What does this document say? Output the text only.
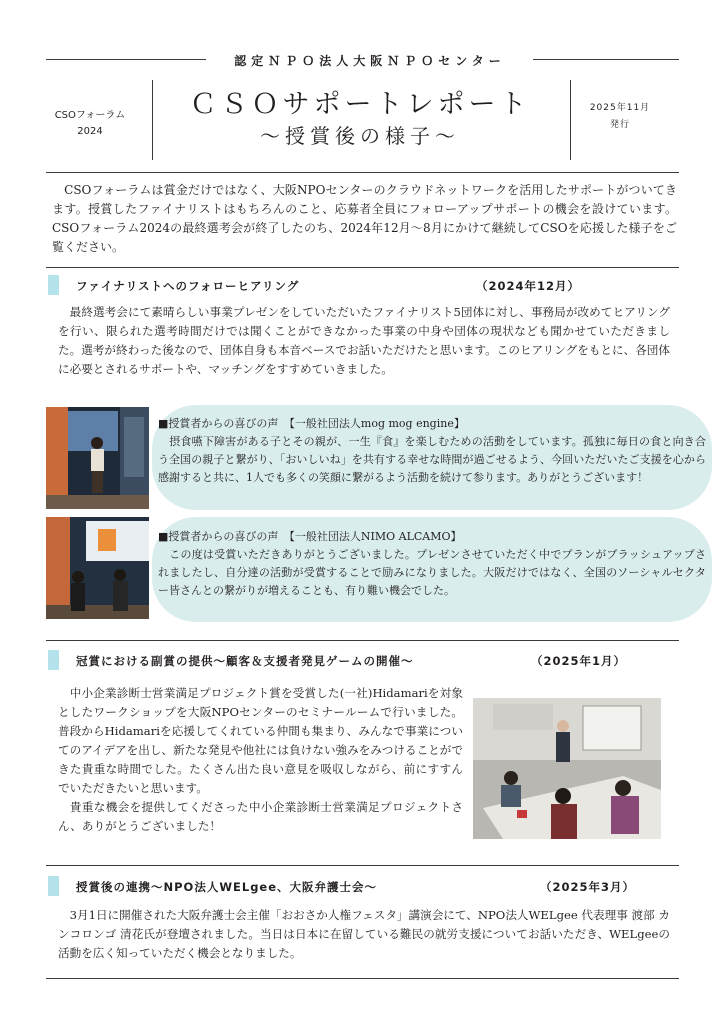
認定ＮＰＯ法人大阪ＮＰＯセンター
CSOフォーラム
2024
ＣＳＯサポートレポート
～授賞後の様子～
2025年11月
発行

　CSOフォーラムは賞金だけではなく、大阪NPOセンターのクラウドネットワークを活用したサポートがついてきます。授賞したファイナリストはもちろんのこと、応募者全員にフォローアップサポートの機会を設けています。CSOフォーラム2024の最終選考会が終了したのち、2024年12月～8月にかけて継続してCSOを応援した様子をご覧ください。

ファイナリストへのフォローヒアリング	（2024年12月）

　最終選考会にて素晴らしい事業プレゼンをしていただいたファイナリスト5団体に対し、事務局が改めてヒアリングを行い、限られた選考時間だけでは聞くことができなかった事業の中身や団体の現状なども聞かせていただきました。選考が終わった後なので、団体自身も本音ベースでお話いただけたと思います。このヒアリングをもとに、各団体に必要とされるサポートや、マッチングをすすめていきました。

■授賞者からの喜びの声　【一般社団法人mog mog engine】

　摂食嚥下障害がある子とその親が、一生『食』を楽しむための活動をしています。孤独に毎日の食と向き合う全国の親子と繋がり、「おいしいね」を共有する幸せな時間が過ごせるよう、今回いただいたご支援を心から感謝すると共に、1人でも多くの笑顔に繋がるよう活動を続けて参ります。ありがとうございます！

■授賞者からの喜びの声　【一般社団法人NIMO ALCAMO】

　この度は受賞いただきありがとうございました。プレゼンさせていただく中でプランがブラッシュアップされましたし、自分達の活動が受賞することで励みになりました。大阪だけではなく、全国のソーシャルセクター皆さんとの繋がりが増えることも、有り難い機会でした。

冠賞における副賞の提供～顧客＆支援者発見ゲームの開催～	（2025年1月）

　中小企業診断士営業満足プロジェクト賞を受賞した(一社)Hidamariを対象としたワークショップを大阪NPOセンターのセミナールームで行いました。普段からHidamariを応援してくれている仲間も集まり、みんなで事業についてのアイデアを出し、新たな発見や他社には負けない強みをみつけることができた貴重な時間でした。たくさん出た良い意見を吸収しながら、前にすすんでいただきたいと思います。
　貴重な機会を提供してくださった中小企業診断士営業満足プロジェクトさん、ありがとうございました！

授賞後の連携～NPO法人WELgee、大阪弁護士会～	（2025年3月）

　3月1日に開催された大阪弁護士会主催「おおさか人権フェスタ」講演会にて、NPO法人WELgee 代表理事 渡部 カンコロンゴ 清花氏が登壇されました。当日は日本に在留している難民の就労支援についてお話いただき、WELgeeの活動を広く知っていただく機会となりました。
